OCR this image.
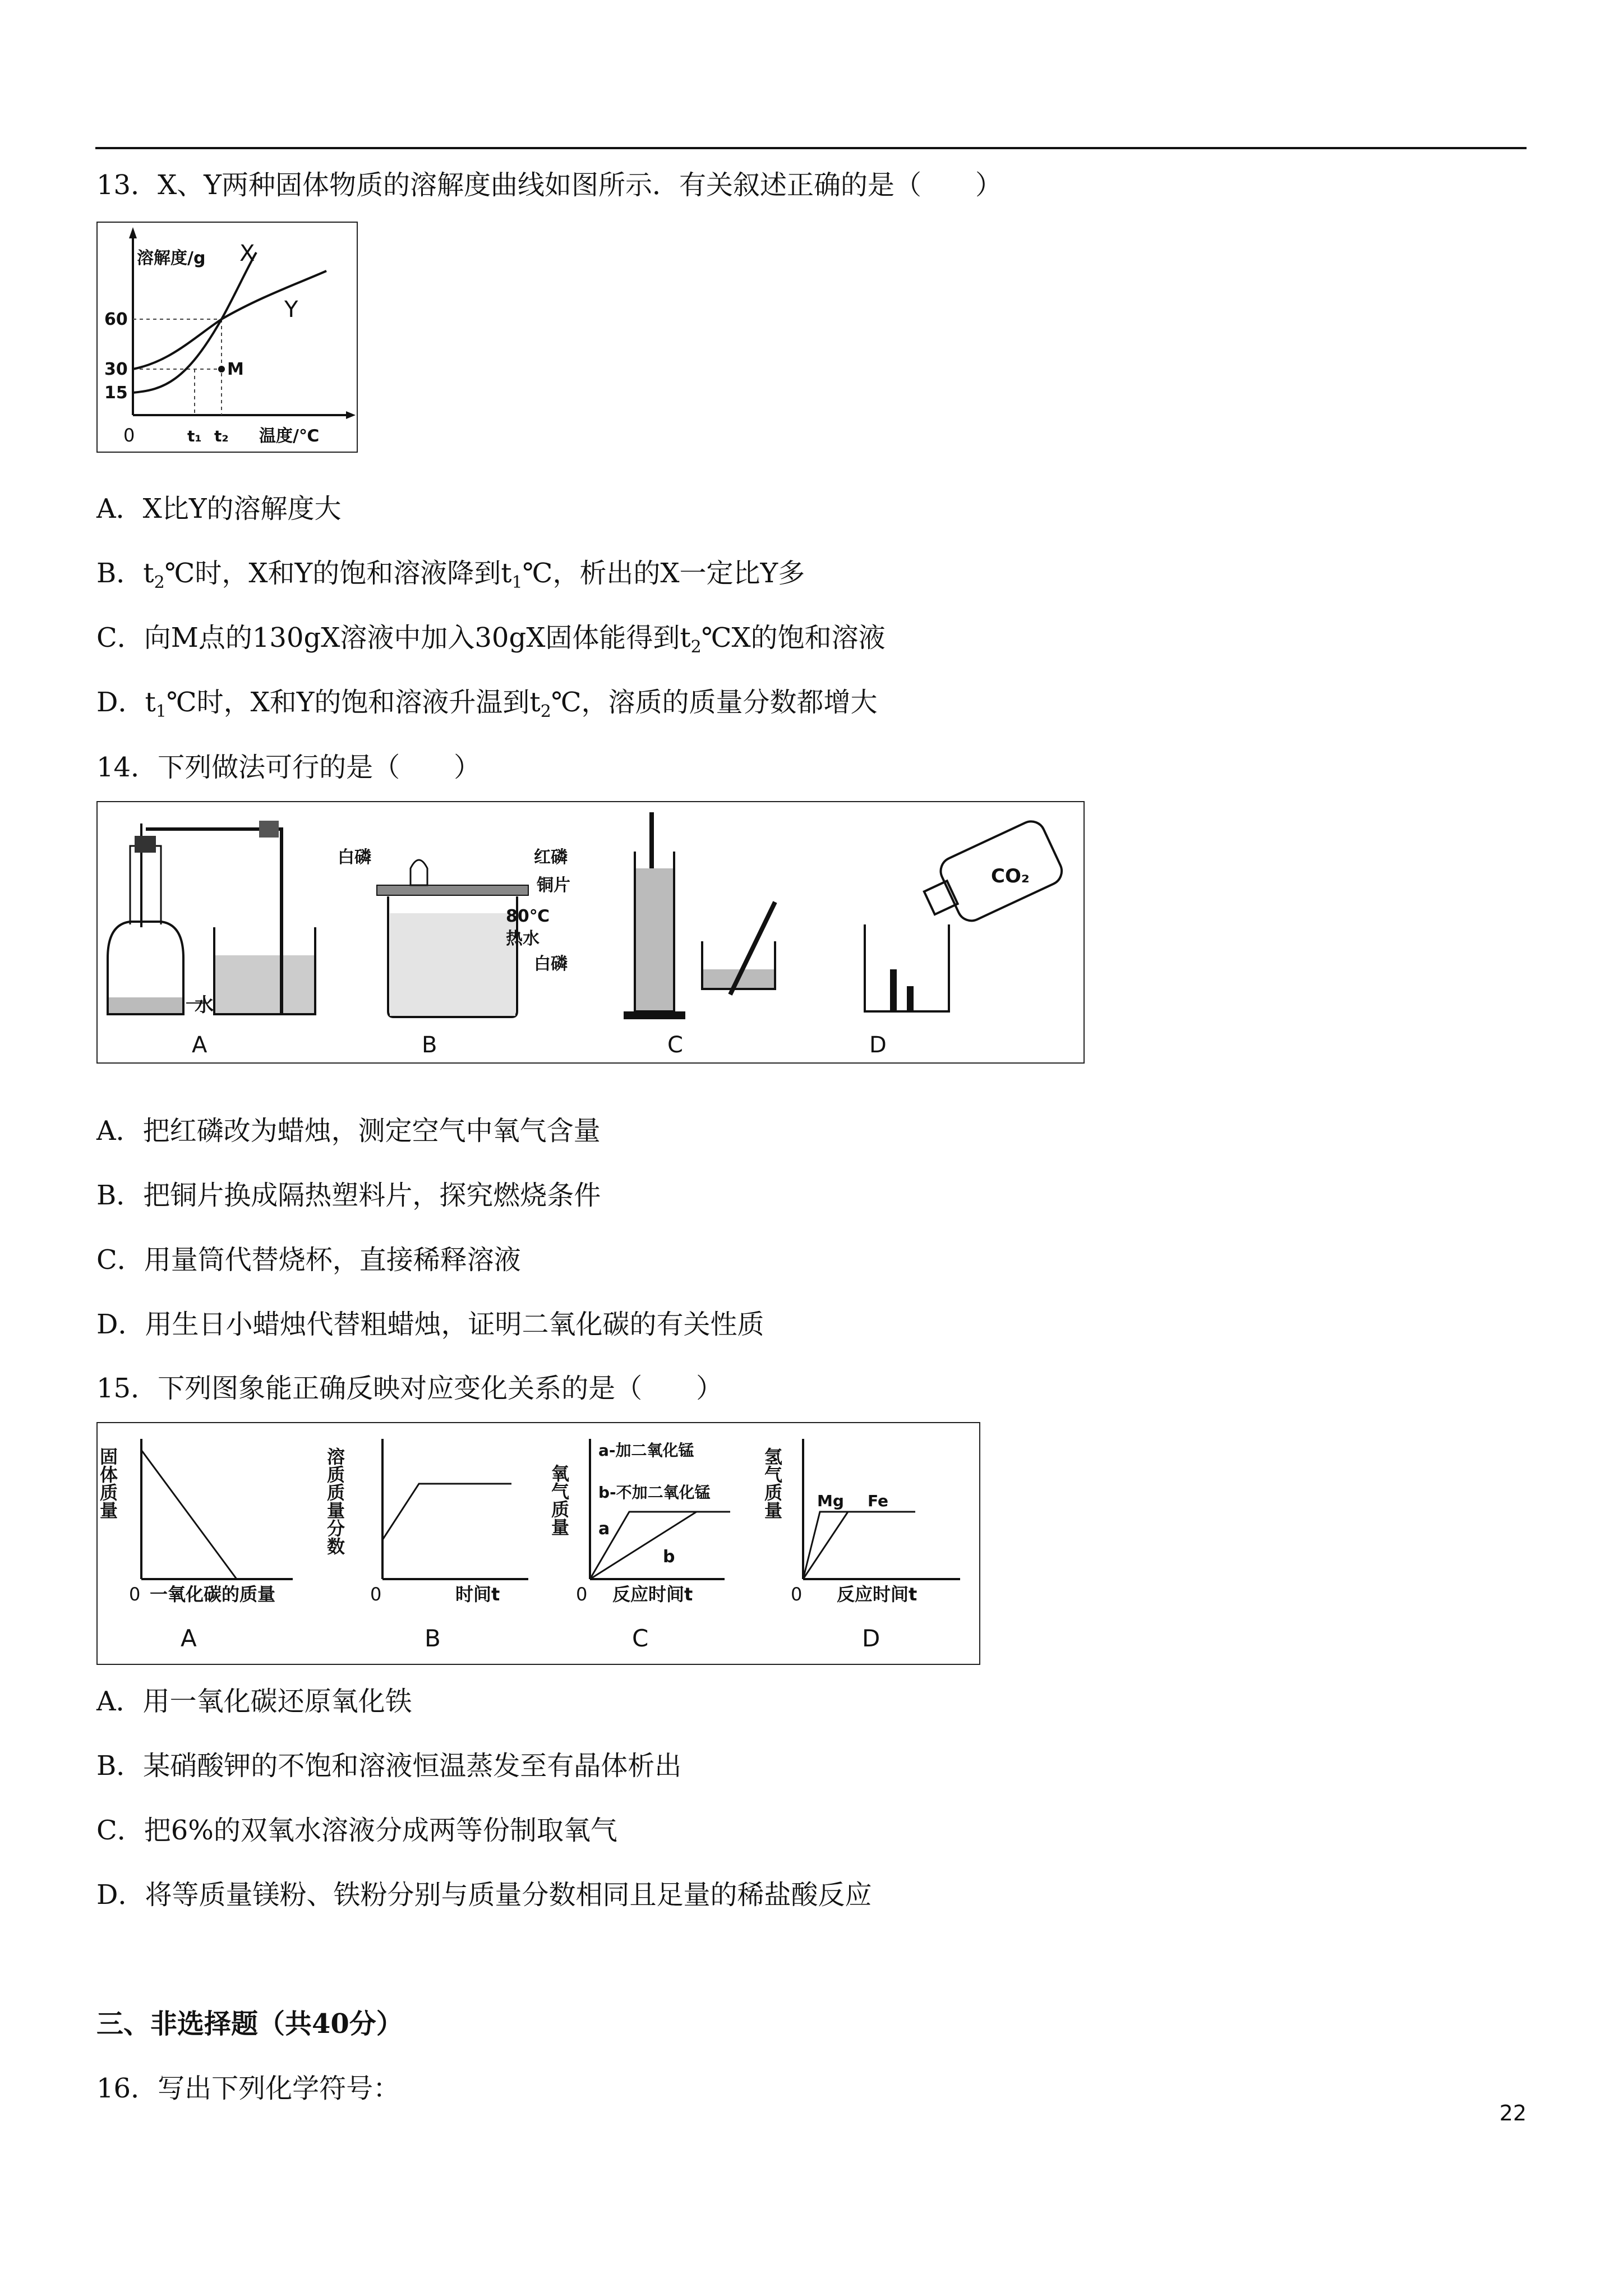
13．X、Y两种固体物质的溶解度曲线如图所示．有关叙述正确的是（　　）
溶解度/g
60
30
15
0	t₁ t₂ 温度/℃
X
Y
M
A．X比Y的溶解度大
B．$t_2℃$时，X和Y的饱和溶液降到$t_1℃$，析出的X一定比Y多
C．向M点的130gX溶液中加入30gX固体能得到$t_2℃X$的饱和溶液
D．$t_1℃$时，X和Y的饱和溶液升温到$t_2℃$，溶质的质量分数都增大
14．下列做法可行的是（　　）
水
A
白磷	红磷
铜片
80℃
热水
白磷
B	C
CO₂
D
A．把红磷改为蜡烛，测定空气中氧气含量
B．把铜片换成隔热塑料片，探究燃烧条件
C．用量筒代替烧杯，直接稀释溶液
D．用生日小蜡烛代替粗蜡烛，证明二氧化碳的有关性质
15．下列图象能正确反映对应变化关系的是（　　）
固体质量
0 一氧化碳的质量
A
溶质质量分数
0	时间t
B
氧气质量
a-加二氧化锰
b-不加二氧化锰
a
b
0 反应时间t
C
氢气质量 Mg Fe
0 反应时间t
D
A．用一氧化碳还原氧化铁
B．某硝酸钾的不饱和溶液恒温蒸发至有晶体析出
C．把6%的双氧水溶液分成两等份制取氧气
D．将等质量镁粉、铁粉分别与质量分数相同且足量的稀盐酸反应
三、非选择题（共40分）
16．写出下列化学符号：
22
